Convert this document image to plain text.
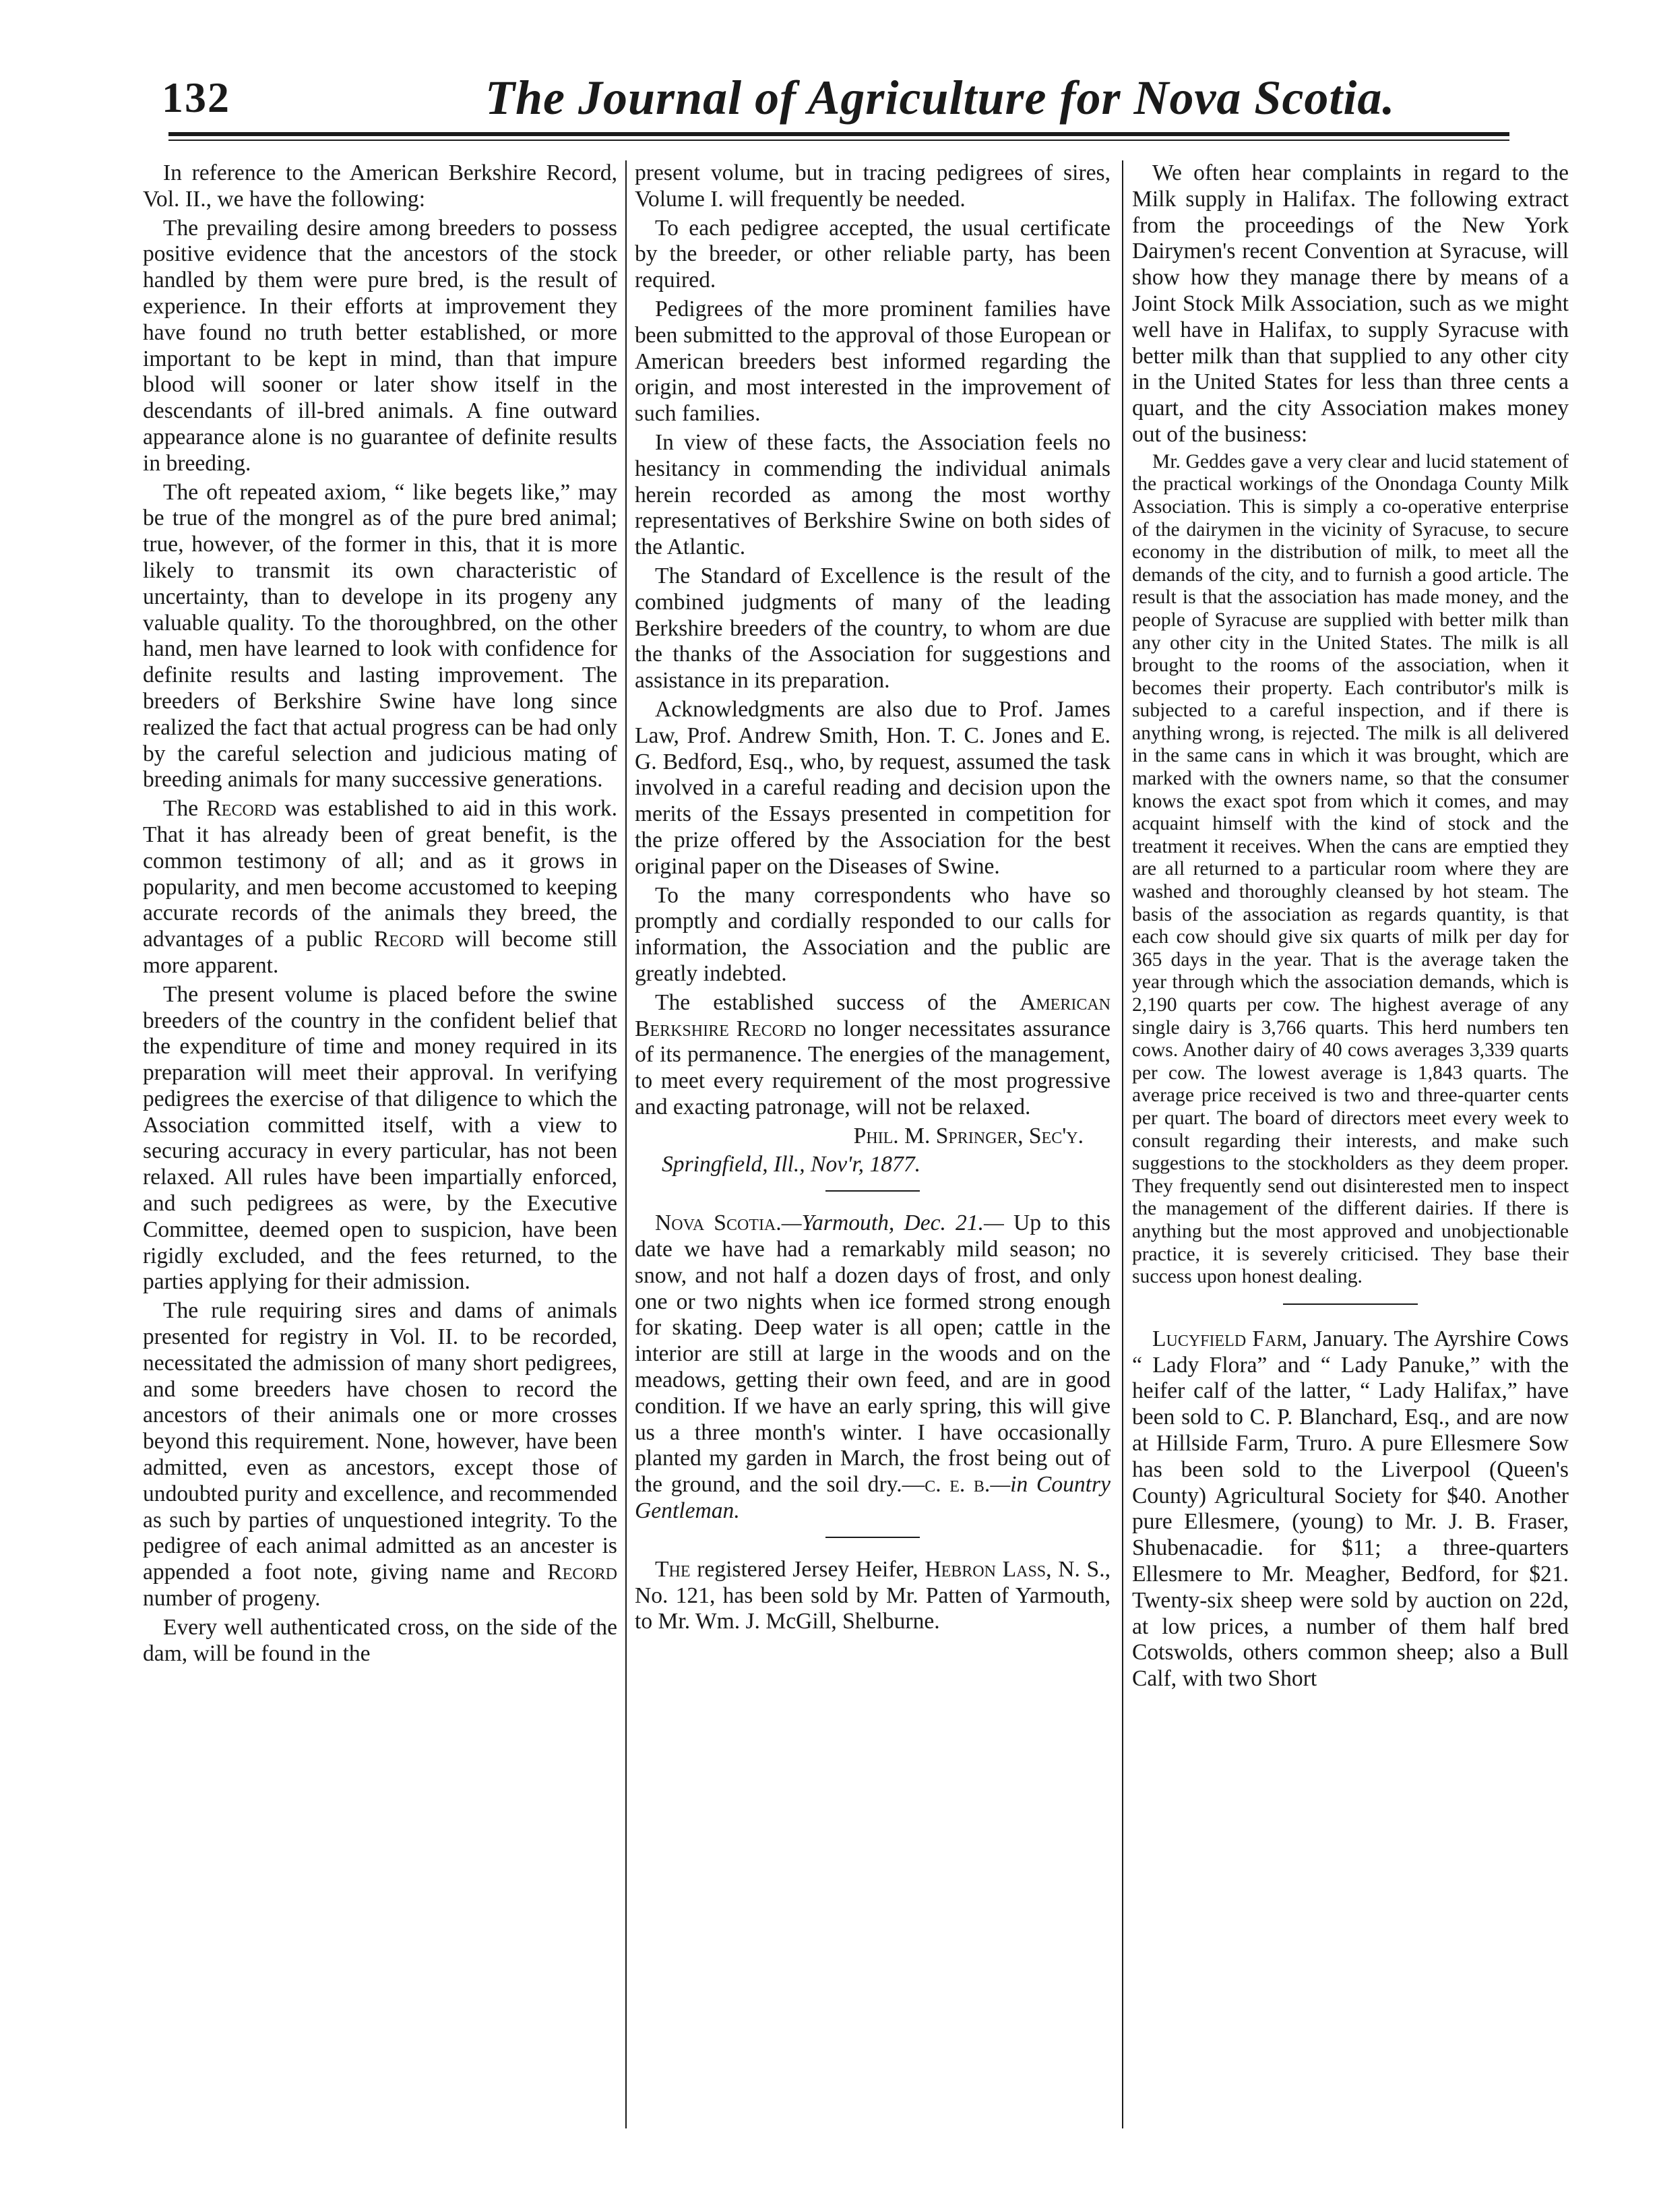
132	The Journal of Agriculture for Nova Scotia.

In reference to the American Berkshire Record, Vol. II., we have the following:

The prevailing desire among breeders to possess positive evidence that the ancestors of the stock handled by them were pure bred, is the result of experience. In their efforts at improvement they have found no truth better established, or more important to be kept in mind, than that impure blood will sooner or later show itself in the descendants of ill-bred animals. A fine outward appearance alone is no guarantee of definite results in breeding.

The oft repeated axiom, “ like begets like,” may be true of the mongrel as of the pure bred animal; true, however, of the former in this, that it is more likely to transmit its own characteristic of uncertainty, than to develope in its progeny any valuable quality. To the thoroughbred, on the other hand, men have learned to look with confidence for definite results and lasting improvement. The breeders of Berkshire Swine have long since realized the fact that actual progress can be had only by the careful selection and judicious mating of breeding animals for many successive generations.

The Record was established to aid in this work. That it has already been of great benefit, is the common testimony of all; and as it grows in popularity, and men become accustomed to keeping accurate records of the animals they breed, the advantages of a public Record will become still more apparent.

The present volume is placed before the swine breeders of the country in the confident belief that the expenditure of time and money required in its preparation will meet their approval. In verifying pedigrees the exercise of that diligence to which the Association committed itself, with a view to securing accuracy in every particular, has not been relaxed. All rules have been impartially enforced, and such pedigrees as were, by the Executive Committee, deemed open to suspicion, have been rigidly excluded, and the fees returned, to the parties applying for their admission.

The rule requiring sires and dams of animals presented for registry in Vol. II. to be recorded, necessitated the admission of many short pedigrees, and some breeders have chosen to record the ancestors of their animals one or more crosses beyond this requirement. None, however, have been admitted, even as ancestors, except those of undoubted purity and excellence, and recommended as such by parties of unquestioned integrity. To the pedigree of each animal admitted as an ancester is appended a foot note, giving name and Record number of progeny.

Every well authenticated cross, on the side of the dam, will be found in the

present volume, but in tracing pedigrees of sires, Volume I. will frequently be needed.

To each pedigree accepted, the usual certificate by the breeder, or other reliable party, has been required.

Pedigrees of the more prominent families have been submitted to the approval of those European or American breeders best informed regarding the origin, and most interested in the improvement of such families.

In view of these facts, the Association feels no hesitancy in commending the individual animals herein recorded as among the most worthy representatives of Berkshire Swine on both sides of the Atlantic.

The Standard of Excellence is the result of the combined judgments of many of the leading Berkshire breeders of the country, to whom are due the thanks of the Association for suggestions and assistance in its preparation.

Acknowledgments are also due to Prof. James Law, Prof. Andrew Smith, Hon. T. C. Jones and E. G. Bedford, Esq., who, by request, assumed the task involved in a careful reading and decision upon the merits of the Essays presented in competition for the prize offered by the Association for the best original paper on the Diseases of Swine.

To the many correspondents who have so promptly and cordially responded to our calls for information, the Association and the public are greatly indebted.

The established success of the American Berkshire Record no longer necessitates assurance of its permanence. The energies of the management, to meet every requirement of the most progressive and exacting patronage, will not be relaxed.

Phil. M. Springer, Sec'y.

Springfield, Ill., Nov'r, 1877.

Nova Scotia.—Yarmouth, Dec. 21.— Up to this date we have had a remarkably mild season; no snow, and not half a dozen days of frost, and only one or two nights when ice formed strong enough for skating. Deep water is all open; cattle in the interior are still at large in the woods and on the meadows, getting their own feed, and are in good condition. If we have an early spring, this will give us a three month's winter. I have occasionally planted my garden in March, the frost being out of the ground, and the soil dry.—c. e. b.—in Country Gentleman.

The registered Jersey Heifer, Hebron Lass, N. S., No. 121, has been sold by Mr. Patten of Yarmouth, to Mr. Wm. J. McGill, Shelburne.

We often hear complaints in regard to the Milk supply in Halifax. The following extract from the proceedings of the New York Dairymen's recent Convention at Syracuse, will show how they manage there by means of a Joint Stock Milk Association, such as we might well have in Halifax, to supply Syracuse with better milk than that supplied to any other city in the United States for less than three cents a quart, and the city Association makes money out of the business:

Mr. Geddes gave a very clear and lucid statement of the practical workings of the Onondaga County Milk Association. This is simply a co-operative enterprise of the dairymen in the vicinity of Syracuse, to secure economy in the distribution of milk, to meet all the demands of the city, and to furnish a good article. The result is that the association has made money, and the people of Syracuse are supplied with better milk than any other city in the United States. The milk is all brought to the rooms of the association, when it becomes their property. Each contributor's milk is subjected to a careful inspection, and if there is anything wrong, is rejected. The milk is all delivered in the same cans in which it was brought, which are marked with the owners name, so that the consumer knows the exact spot from which it comes, and may acquaint himself with the kind of stock and the treatment it receives. When the cans are emptied they are all returned to a particular room where they are washed and thoroughly cleansed by hot steam. The basis of the association as regards quantity, is that each cow should give six quarts of milk per day for 365 days in the year. That is the average taken the year through which the association demands, which is 2,190 quarts per cow. The highest average of any single dairy is 3,766 quarts. This herd numbers ten cows. Another dairy of 40 cows averages 3,339 quarts per cow. The lowest average is 1,843 quarts. The average price received is two and three-quarter cents per quart. The board of directors meet every week to consult regarding their interests, and make such suggestions to the stockholders as they deem proper. They frequently send out disinterested men to inspect the management of the different dairies. If there is anything but the most approved and unobjectionable practice, it is severely criticised. They base their success upon honest dealing.

Lucyfield Farm, January. The Ayrshire Cows “ Lady Flora” and “ Lady Panuke,” with the heifer calf of the latter, “ Lady Halifax,” have been sold to C. P. Blanchard, Esq., and are now at Hillside Farm, Truro. A pure Ellesmere Sow has been sold to the Liverpool (Queen's County) Agricultural Society for $40. Another pure Ellesmere, (young) to Mr. J. B. Fraser, Shubenacadie. for $11; a three-quarters Ellesmere to Mr. Meagher, Bedford, for $21. Twenty-six sheep were sold by auction on 22d, at low prices, a number of them half bred Cotswolds, others common sheep; also a Bull Calf, with two Short
